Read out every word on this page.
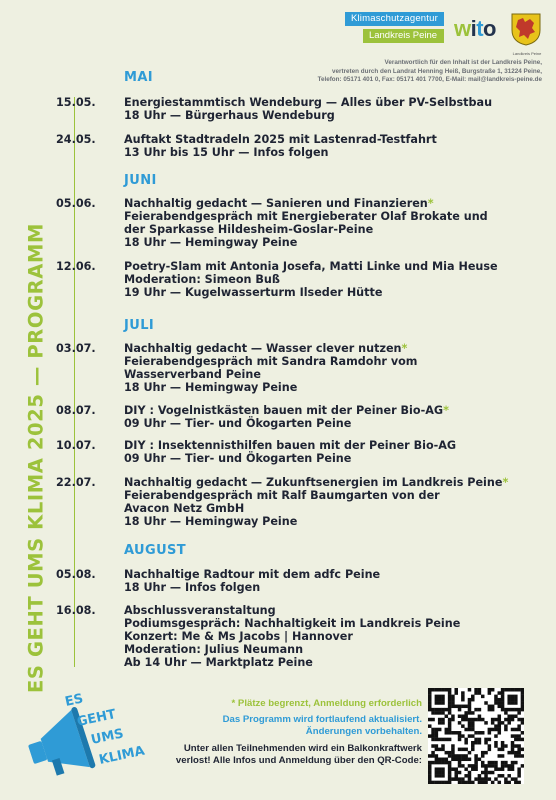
Klimaschutzagentur
Landkreis Peine wito
Landkreis Peine
Verantwortlich für den Inhalt ist der Landkreis Peine,
vertreten durch den Landrat Henning Heiß, Burgstraße 1, 31224 Peine,
Telefon: 05171 401 0, Fax: 05171 401 7700, E-Mail: mail@landkreis-peine.de
ES GEHT UMS KLIMA 2025 — PROGRAMM
MAI
JUNI
JULI
AUGUST
15.05.	Energiestammtisch Wendeburg — Alles über PV-Selbstbau
18 Uhr — Bürgerhaus Wendeburg
24.05.	Auftakt Stadtradeln 2025 mit Lastenrad-Testfahrt
13 Uhr bis 15 Uhr — Infos folgen
05.06.	Nachhaltig gedacht — Sanieren und Finanzieren*
Feierabendgespräch mit Energieberater Olaf Brokate und
der Sparkasse Hildesheim-Goslar-Peine
18 Uhr — Hemingway Peine
12.06.	Poetry-Slam mit Antonia Josefa, Matti Linke und Mia Heuse
Moderation: Simeon Buß
19 Uhr — Kugelwasserturm Ilseder Hütte
03.07.	Nachhaltig gedacht — Wasser clever nutzen*
Feierabendgespräch mit Sandra Ramdohr vom
Wasserverband Peine
18 Uhr — Hemingway Peine
08.07.	DIY : Vogelnistkästen bauen mit der Peiner Bio-AG*
09 Uhr — Tier- und Ökogarten Peine
10.07.	DIY : Insektennisthilfen bauen mit der Peiner Bio-AG
09 Uhr — Tier- und Ökogarten Peine
22.07.	Nachhaltig gedacht — Zukunftsenergien im Landkreis Peine*
Feierabendgespräch mit Ralf Baumgarten von der
Avacon Netz GmbH
18 Uhr — Hemingway Peine
05.08.	Nachhaltige Radtour mit dem adfc Peine
18 Uhr — Infos folgen
16.08.	Abschlussveranstaltung
Podiumsgespräch: Nachhaltigkeit im Landkreis Peine
Konzert: Me & Ms Jacobs | Hannover
Moderation: Julius Neumann
Ab 14 Uhr — Marktplatz Peine
ES
GEHT
UMS
KLIMA
* Plätze begrenzt, Anmeldung erforderlich
Das Programm wird fortlaufend aktualisiert. Änderungen vorbehalten.
Unter allen Teilnehmenden wird ein Balkonkraftwerk verlost! Alle Infos und Anmeldung über den QR-Code:
